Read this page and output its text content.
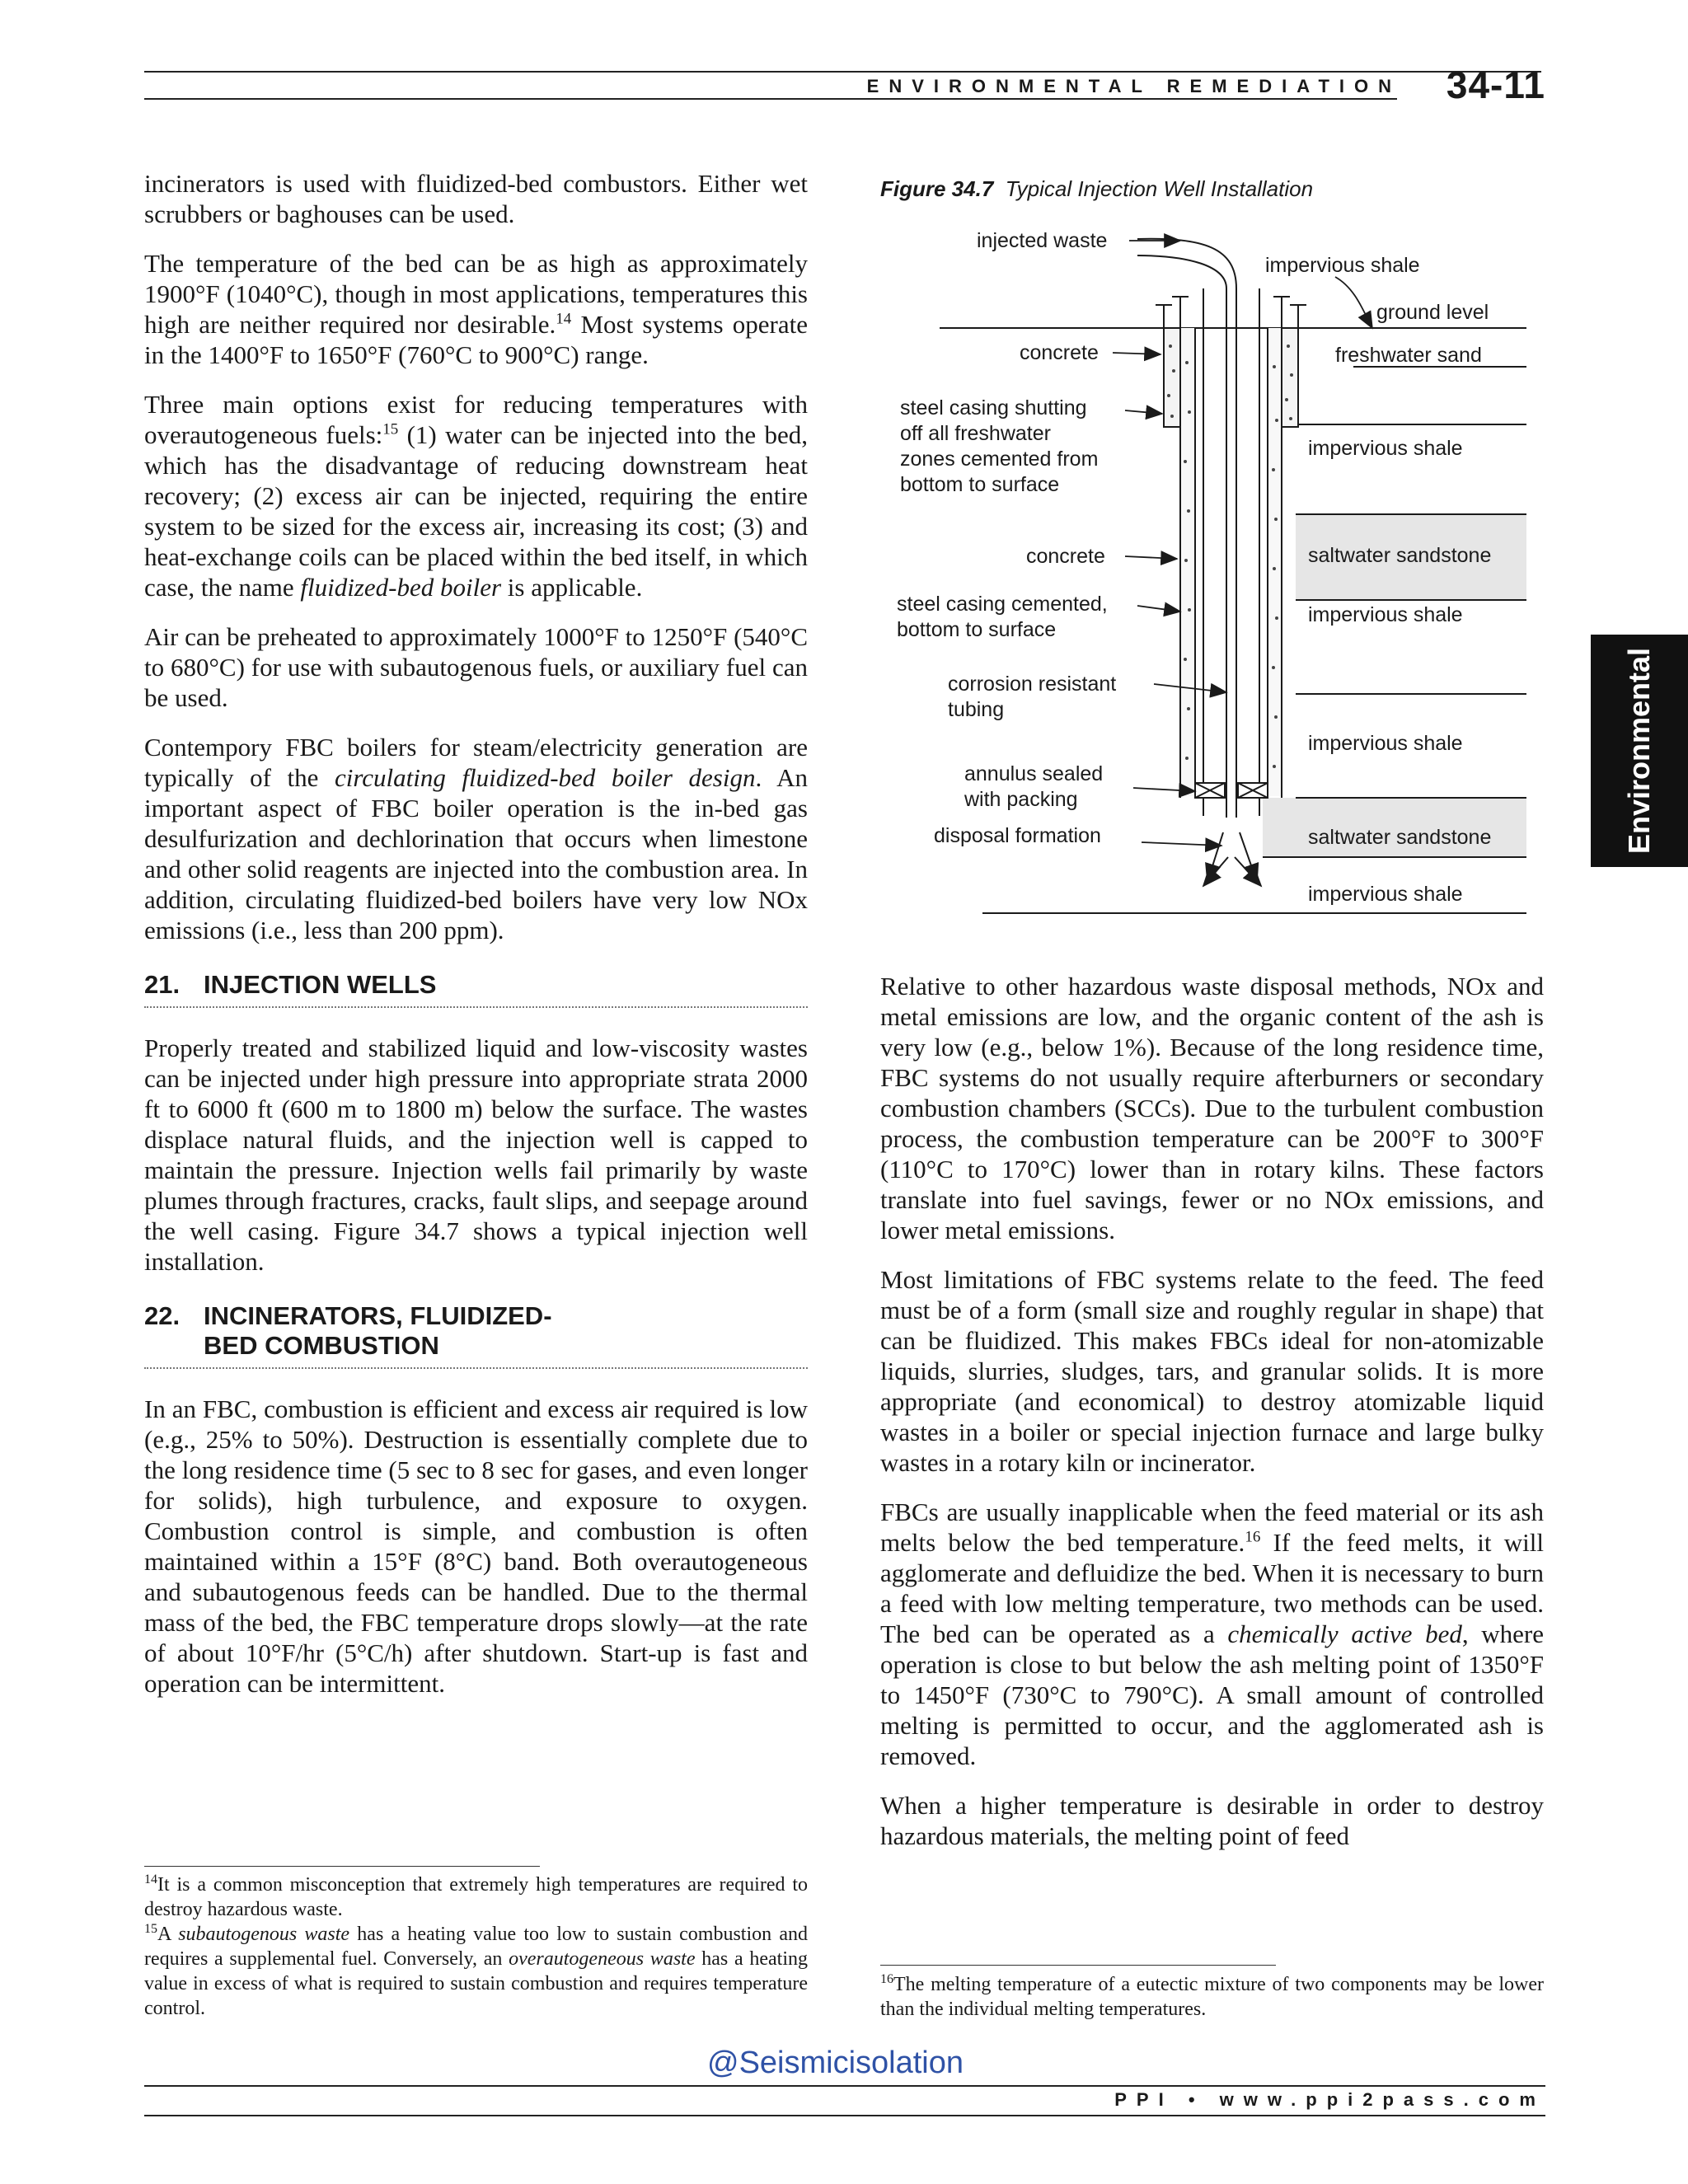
ENVIRONMENTAL REMEDIATION	34-11

incinerators is used with fluidized-bed combustors. Either wet scrubbers or baghouses can be used.

The temperature of the bed can be as high as approximately 1900°F (1040°C), though in most applications, temperatures this high are neither required nor desirable.$^{14}$ Most systems operate in the 1400°F to 1650°F (760°C to 900°C) range.

Three main options exist for reducing temperatures with overautogeneous fuels:$^{15}$ (1) water can be injected into the bed, which has the disadvantage of reducing downstream heat recovery; (2) excess air can be injected, requiring the entire system to be sized for the excess air, increasing its cost; (3) and heat-exchange coils can be placed within the bed itself, in which case, the name fluidized-bed boiler is applicable.

Air can be preheated to approximately 1000°F to 1250°F (540°C to 680°C) for use with subautogenous fuels, or auxiliary fuel can be used.

Contempory FBC boilers for steam/electricity generation are typically of the circulating fluidized-bed boiler design. An important aspect of FBC boiler operation is the in-bed gas desulfurization and dechlorination that occurs when limestone and other solid reagents are injected into the combustion area. In addition, circulating fluidized-bed boilers have very low NOx emissions (i.e., less than 200 ppm).

21. INJECTION WELLS

Properly treated and stabilized liquid and low-viscosity wastes can be injected under high pressure into appropriate strata 2000 ft to 6000 ft (600 m to 1800 m) below the surface. The wastes displace natural fluids, and the injection well is capped to maintain the pressure. Injection wells fail primarily by waste plumes through fractures, cracks, fault slips, and seepage around the well casing. Figure 34.7 shows a typical injection well installation.

22. INCINERATORS, FLUIDIZED-BED COMBUSTION

In an FBC, combustion is efficient and excess air required is low (e.g., 25% to 50%). Destruction is essentially complete due to the long residence time (5 sec to 8 sec for gases, and even longer for solids), high turbulence, and exposure to oxygen. Combustion control is simple, and combustion is often maintained within a 15°F (8°C) band. Both overautogeneous and subautogenous feeds can be handled. Due to the thermal mass of the bed, the FBC temperature drops slowly—at the rate of about 10°F/hr (5°C/h) after shutdown. Start-up is fast and operation can be intermittent.

$^{14}$It is a common misconception that extremely high temperatures are required to destroy hazardous waste.
$^{15}$A subautogenous waste has a heating value too low to sustain combustion and requires a supplemental fuel. Conversely, an overautogeneous waste has a heating value in excess of what is required to sustain combustion and requires temperature control.
Figure 34.7 Typical Injection Well Installation
injected waste
concrete
steel casing shutting
off all freshwater
zones cemented from
bottom to surface
concrete
steel casing cemented,
bottom to surface
corrosion resistant
tubing
annulus sealed
with packing
disposal formation
impervious shale
ground level
freshwater sand
impervious shale
saltwater sandstone
impervious shale
impervious shale
saltwater sandstone
impervious shale

Relative to other hazardous waste disposal methods, NOx and metal emissions are low, and the organic content of the ash is very low (e.g., below 1%). Because of the long residence time, FBC systems do not usually require afterburners or secondary combustion chambers (SCCs). Due to the turbulent combustion process, the combustion temperature can be 200°F to 300°F (110°C to 170°C) lower than in rotary kilns. These factors translate into fuel savings, fewer or no NOx emissions, and lower metal emissions.

Most limitations of FBC systems relate to the feed. The feed must be of a form (small size and roughly regular in shape) that can be fluidized. This makes FBCs ideal for non-atomizable liquids, slurries, sludges, tars, and granular solids. It is more appropriate (and economical) to destroy atomizable liquid wastes in a boiler or special injection furnace and large bulky wastes in a rotary kiln or incinerator.

FBCs are usually inapplicable when the feed material or its ash melts below the bed temperature.$^{16}$ If the feed melts, it will agglomerate and defluidize the bed. When it is necessary to burn a feed with low melting temperature, two methods can be used. The bed can be operated as a chemically active bed, where operation is close to but below the ash melting point of 1350°F to 1450°F (730°C to 790°C). A small amount of controlled melting is permitted to occur, and the agglomerated ash is removed.

When a higher temperature is desirable in order to destroy hazardous materials, the melting point of feed

$^{16}$The melting temperature of a eutectic mixture of two components may be lower than the individual melting temperatures.
Environmental
@Seismicisolation
PPI • www.ppi2pass.com
